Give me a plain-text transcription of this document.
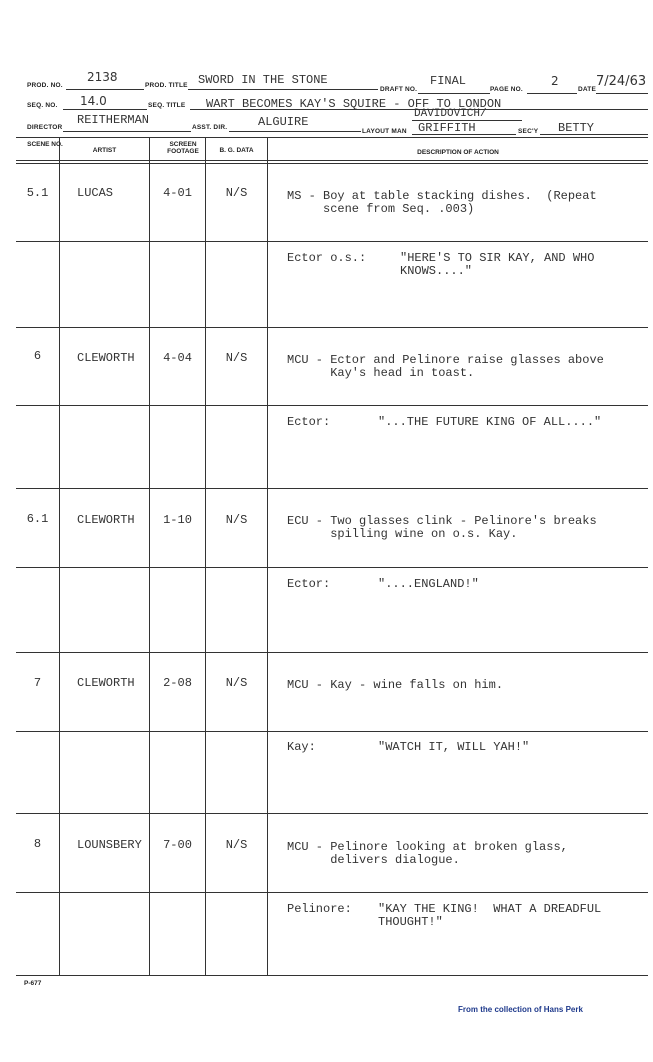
PROD. NO.
2138
PROD. TITLE SWORD IN THE STONE
DRAFT NO.
FINAL
PAGE NO.
2
DATE
7/24/63
SEQ. NO. 14.0	SEQ. TITLE WART BECOMES KAY'S SQUIRE - OFF TO LONDON
DIRECTOR
REITHERMAN
ASST. DIR.	ALGUIRE
LAYOUT MAN
DAVIDOVICH/
GRIFFITH	SEC'Y BETTY
SCENE NO.
ARTIST
SCREEN FOOTAGE	B. G. DATA	DESCRIPTION OF ACTION
5.1	LUCAS	4-01	N/S	MS - Boy at table stacking dishes.  (Repeat
scene from Seq. .003)
Ector o.s.:	"HERE'S TO SIR KAY, AND WHO
KNOWS...."
6	CLEWORTH	4-04	N/S	MCU - Ector and Pelinore raise glasses above
Kay's head in toast.
Ector:	"...THE FUTURE KING OF ALL...."
6.1	CLEWORTH	1-10	N/S	ECU - Two glasses clink - Pelinore's breaks
spilling wine on o.s. Kay.
Ector:	"....ENGLAND!"
7	CLEWORTH	2-08	N/S	MCU - Kay - wine falls on him.
Kay:	"WATCH IT, WILL YAH!"
8	LOUNSBERY	7-00	N/S	MCU - Pelinore looking at broken glass,
delivers dialogue.
Pelinore: "KAY THE KING!  WHAT A DREADFUL
THOUGHT!"
P-677
From the collection of Hans Perk
